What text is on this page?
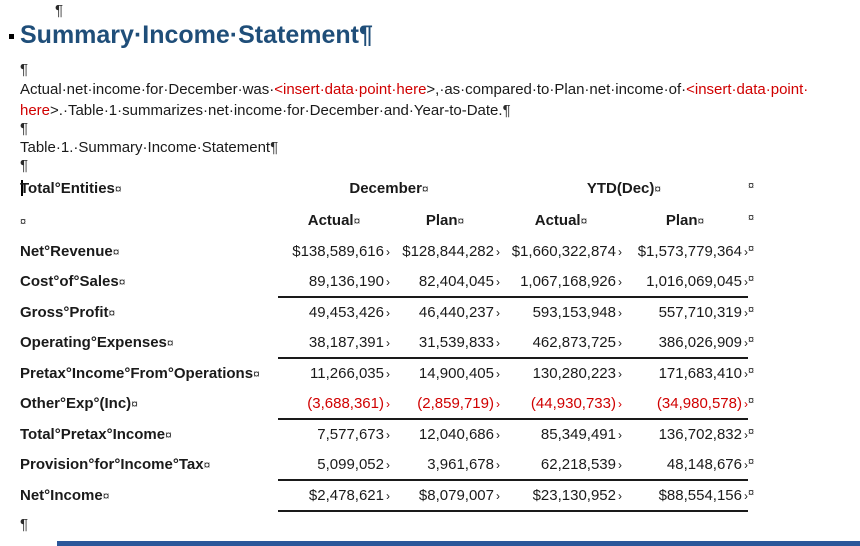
¶
Summary·Income·Statement¶
¶
Actual·net·income·for·December·was·<insert·data·point·here>,·as·compared·to·Plan·net·income·of·<insert·data·point·
here>.·Table·1·summarizes·net·income·for·December·and·Year-to-Date.¶
¶
Table·1.·Summary·Income·Statement¶
¶
Total°Entities¤	December¤		YTD(Dec)¤		¤
¤	Actual¤	Plan¤	Actual¤	Plan¤	¤
Net°Revenue¤	$138,589,616 ›	$128,844,282 ›	$1,660,322,874 ›	$1,573,779,364 ›	¤
Cost°of°Sales¤	89,136,190 ›	82,404,045 ›	1,067,168,926 ›	1,016,069,045 ›	¤
Gross°Profit¤	49,453,426 ›	46,440,237 ›	593,153,948 ›	557,710,319 ›	¤
Operating°Expenses¤	38,187,391 ›	31,539,833 ›	462,873,725 ›	386,026,909 ›	¤
Pretax°Income°From°Operations¤	11,266,035 ›	14,900,405 ›	130,280,223 ›	171,683,410 ›	¤
Other°Exp°(Inc)¤	(3,688,361) ›	(2,859,719) ›	(44,930,733) ›	(34,980,578) ›	¤
Total°Pretax°Income¤	7,577,673 ›	12,040,686 ›	85,349,491 ›	136,702,832 ›	¤
Provision°for°Income°Tax¤	5,099,052 ›	3,961,678 ›	62,218,539 ›	48,148,676 ›	¤
Net°Income¤	$2,478,621 ›	$8,079,007 ›	$23,130,952 ›	$88,554,156 ›	¤
¶
